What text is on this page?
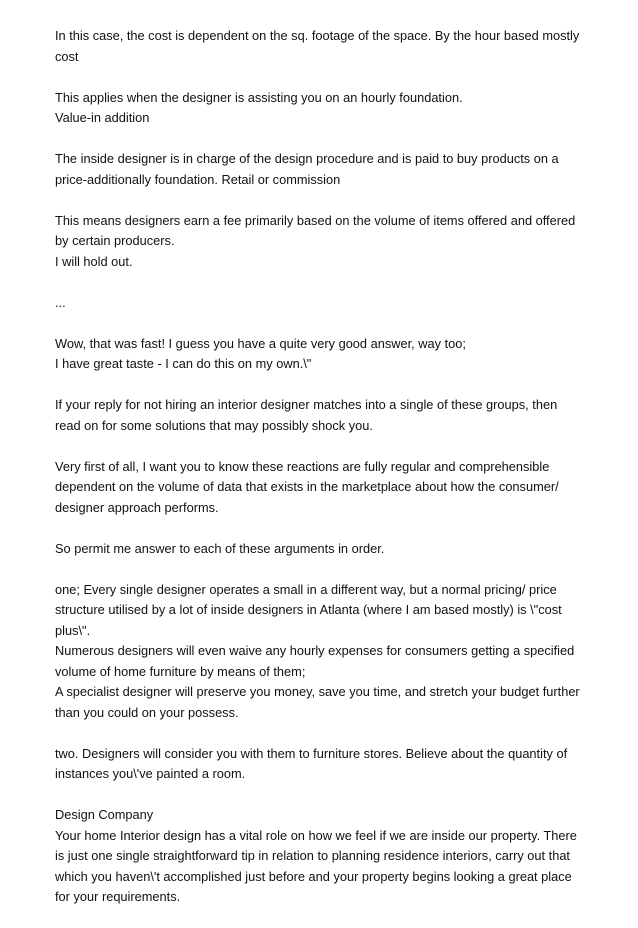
In this case, the cost is dependent on the sq. footage of the space. By the hour based mostly
cost

This applies when the designer is assisting you on an hourly foundation.
Value-in addition

The inside designer is in charge of the design procedure and is paid to buy products on a
price-additionally foundation. Retail or commission

This means designers earn a fee primarily based on the volume of items offered and offered
by certain producers.
I will hold out.

...

Wow, that was fast! I guess you have a quite very good answer, way too;
I have great taste - I can do this on my own.\"

If your reply for not hiring an interior designer matches into a single of these groups, then
read on for some solutions that may possibly shock you.

Very first of all, I want you to know these reactions are fully regular and comprehensible
dependent on the volume of data that exists in the marketplace about how the consumer/
designer approach performs.

So permit me answer to each of these arguments in order.

one; Every single designer operates a small in a different way, but a normal pricing/ price
structure utilised by a lot of inside designers in Atlanta (where I am based mostly) is \"cost
plus\".
Numerous designers will even waive any hourly expenses for consumers getting a specified
volume of home furniture by means of them;
A specialist designer will preserve you money, save you time, and stretch your budget further
than you could on your possess.

two. Designers will consider you with them to furniture stores. Believe about the quantity of
instances you\'ve painted a room.

Design Company
Your home Interior design has a vital role on how we feel if we are inside our property. There
is just one single straightforward tip in relation to planning residence interiors, carry out that
which you haven\'t accomplished just before and your property begins looking a great place
for your requirements.
